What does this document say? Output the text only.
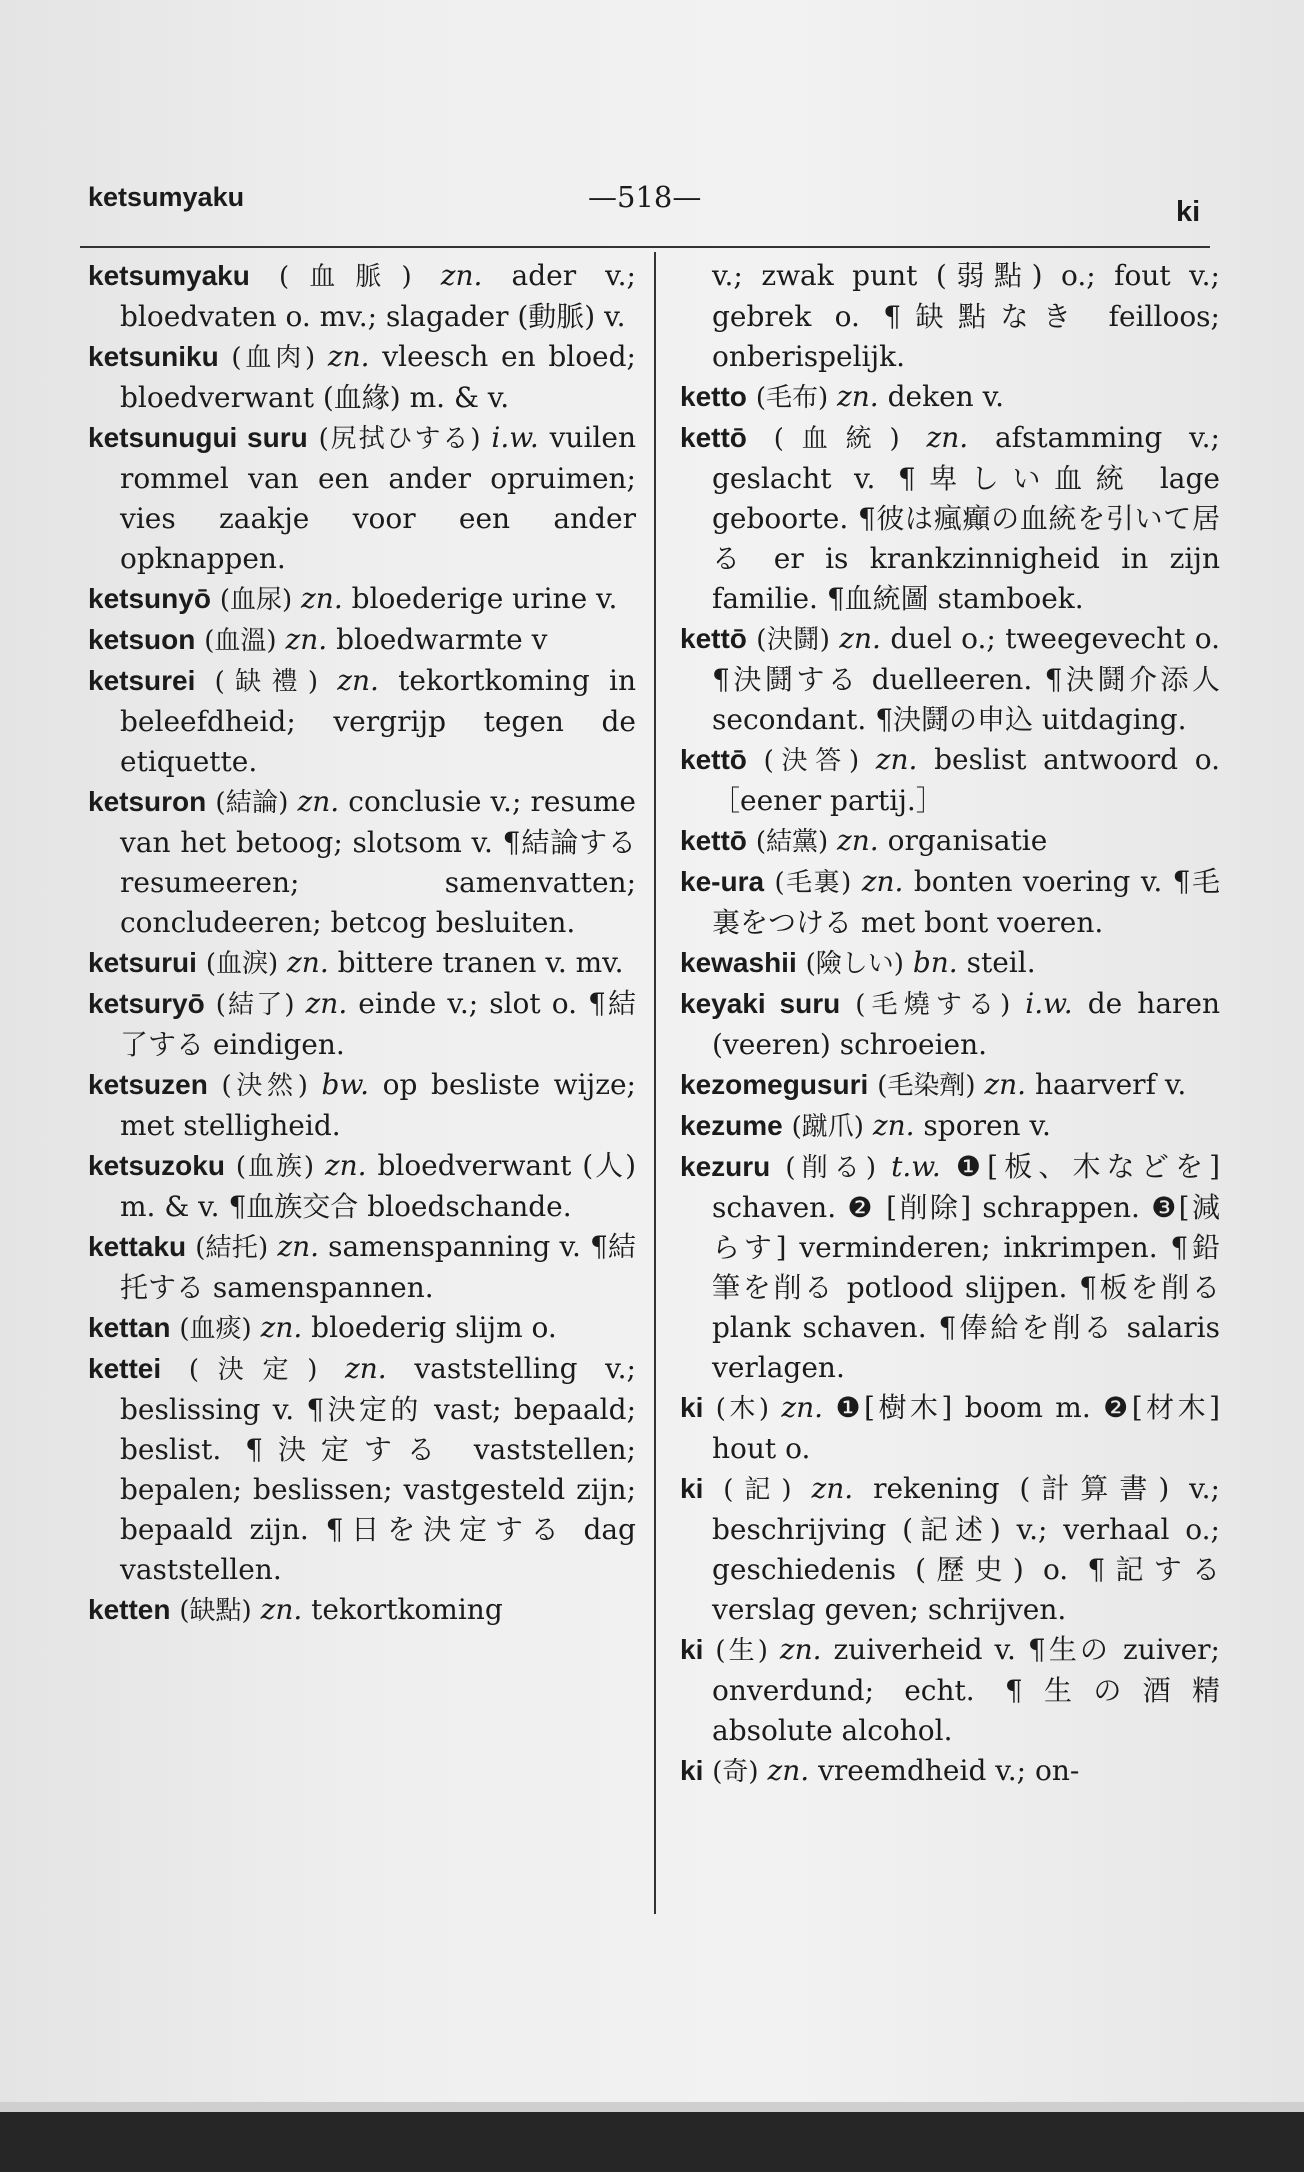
ketsumyaku	—518—	ki

ketsumyaku (血脈) zn. ader v.; bloedvaten o. mv.; slagader (動脈) v.

ketsuniku (血肉) zn. vleesch en bloed; bloedverwant (血緣) m. & v.

ketsunugui suru (尻拭ひする) i.w. vuilen rommel van een ander opruimen; vies zaakje voor een ander opknappen.

ketsunyō (血尿) zn. bloederige urine v.

ketsuon (血溫) zn. bloedwarmte v

ketsurei (缺禮) zn. tekortkoming in beleefdheid; vergrijp tegen de etiquette.

ketsuron (結論) zn. conclusie v.; resume van het betoog; slotsom v. ¶結論する resumeeren; samenvatten; concludeeren; betcog besluiten.

ketsurui (血淚) zn. bittere tranen v. mv.

ketsuryō (結了) zn. einde v.; slot o. ¶結了する eindigen.

ketsuzen (決然) bw. op besliste wijze; met stelligheid.

ketsuzoku (血族) zn. bloedverwant (人) m. & v. ¶血族交合 bloedschande.

kettaku (結托) zn. samenspanning v. ¶結托する samenspannen.

kettan (血痰) zn. bloederig slijm o.

kettei (決定) zn. vaststelling v.; beslissing v. ¶決定的 vast; bepaald; beslist. ¶決定する vaststellen; bepalen; beslissen; vastgesteld zijn; bepaald zijn. ¶日を決定する dag vaststellen.

ketten (缺點) zn. tekortkoming

v.; zwak punt (弱點) o.; fout v.; gebrek o. ¶缺點なき feilloos; onberispelijk.

ketto (毛布) zn. deken v.

kettō (血統) zn. afstamming v.; geslacht v. ¶卑しい血統 lage geboorte. ¶彼は瘋癲の血統を引いて居る er is krankzinnigheid in zijn familie. ¶血統圖 stamboek.

kettō (決鬪) zn. duel o.; tweegevecht o. ¶決鬪する duelleeren. ¶決鬪介添人 secondant. ¶決鬪の申込 uitdaging.

kettō (決答) zn. beslist antwoord o.　［eener partij.］

kettō (結黨) zn. organisatie

ke-ura (毛裏) zn. bonten voering v. ¶毛裏をつける met bont voeren.

kewashii (險しい) bn. steil.

keyaki suru (毛燒する) i.w. de haren (veeren) schroeien.

kezomegusuri (毛染劑) zn. haarverf v.

kezume (蹴爪) zn. sporen v.

kezuru (削る) t.w. ❶[板、木などを] schaven. ❷ [削除] schrappen. ❸[減らす] verminderen; inkrimpen. ¶鉛筆を削る potlood slijpen. ¶板を削る plank schaven. ¶俸給を削る salaris verlagen.

ki (木) zn. ❶[樹木] boom m. ❷[材木] hout o.

ki (記) zn. rekening (計算書) v.; beschrijving (記述) v.; verhaal o.; geschiedenis (歷史) o. ¶記する verslag geven; schrijven.

ki (生) zn. zuiverheid v. ¶生の zuiver; onverdund; echt. ¶生の酒精 absolute alcohol.

ki (奇) zn. vreemdheid v.; on-
